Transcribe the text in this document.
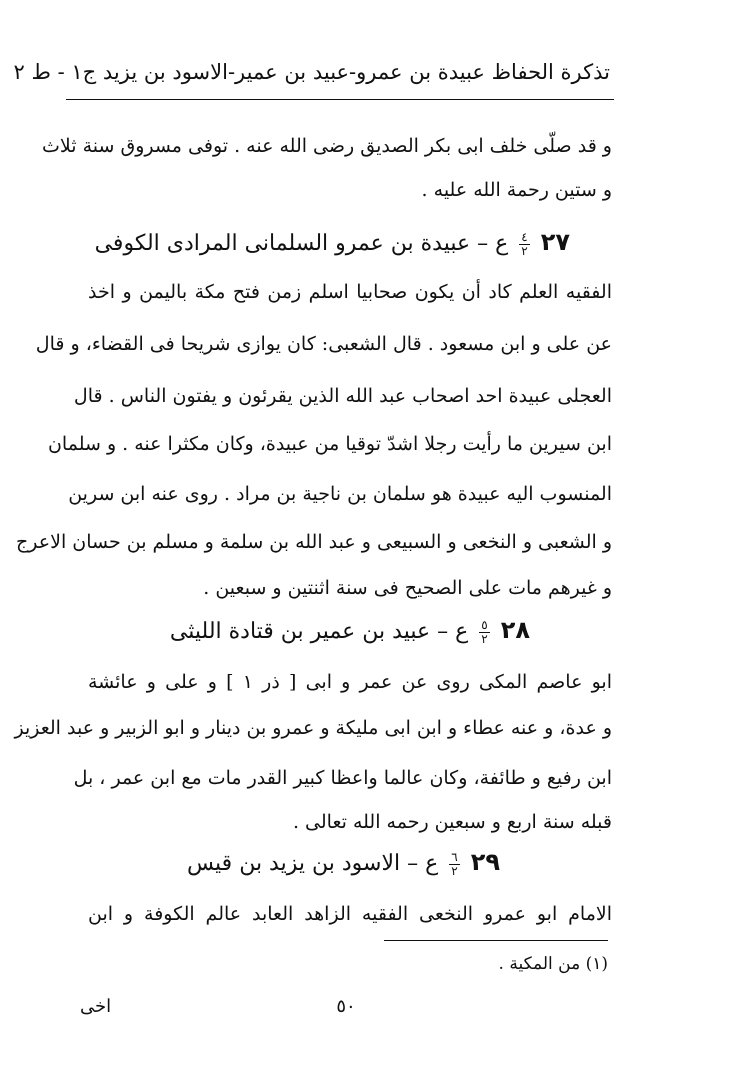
تذكرة الحفاظ عبيدة بن عمرو-عبيد بن عمير-الاسود بن يزيد ج١ - ط ٢
و قد صلّى خلف ابى بكر الصديق رضى الله عنه . توفى مسروق سنة ثلاث
و ستين رحمة الله عليه .
٢٧
$\frac{٤}{٢}$
ع – عبيدة بن عمرو السلمانى المرادى الكوفى
الفقيه العلم كاد أن يكون صحابيا اسلم زمن فتح مكة باليمن و اخذ
عن على و ابن مسعود . قال الشعبى: كان يوازى شريحا فى القضاء، و قال
العجلى عبيدة احد اصحاب عبد الله الذين يقرئون و يفتون الناس . قال
ابن سيرين ما رأيت رجلا اشدّ توقيا من عبيدة، وكان مكثرا عنه . و سلمان
المنسوب اليه عبيدة هو سلمان بن ناجية بن مراد . روى عنه ابن سرين
و الشعبى و النخعى و السبيعى و عبد الله بن سلمة و مسلم بن حسان الاعرج
و غيرهم مات على الصحيح فى سنة اثنتين و سبعين .
٢٨
$\frac{٥}{٢}$
ع – عبيد بن عمير بن قتادة الليثى
ابو عاصم المكى روى عن عمر و ابى [ ذر ١ ] و على و عائشة
و عدة، و عنه عطاء و ابن ابى مليكة و عمرو بن دينار و ابو الزبير و عبد العزيز
ابن رفيع و طائفة، وكان عالما واعظا كبير القدر مات مع ابن عمر ، بل
قبله سنة اربع و سبعين رحمه الله تعالى .
٢٩
$\frac{٦}{٢}$
ع – الاسود بن يزيد بن قيس
الامام ابو عمرو النخعى الفقيه الزاهد العابد عالم الكوفة و ابن
(١) من المكية .
٥٠
اخى
